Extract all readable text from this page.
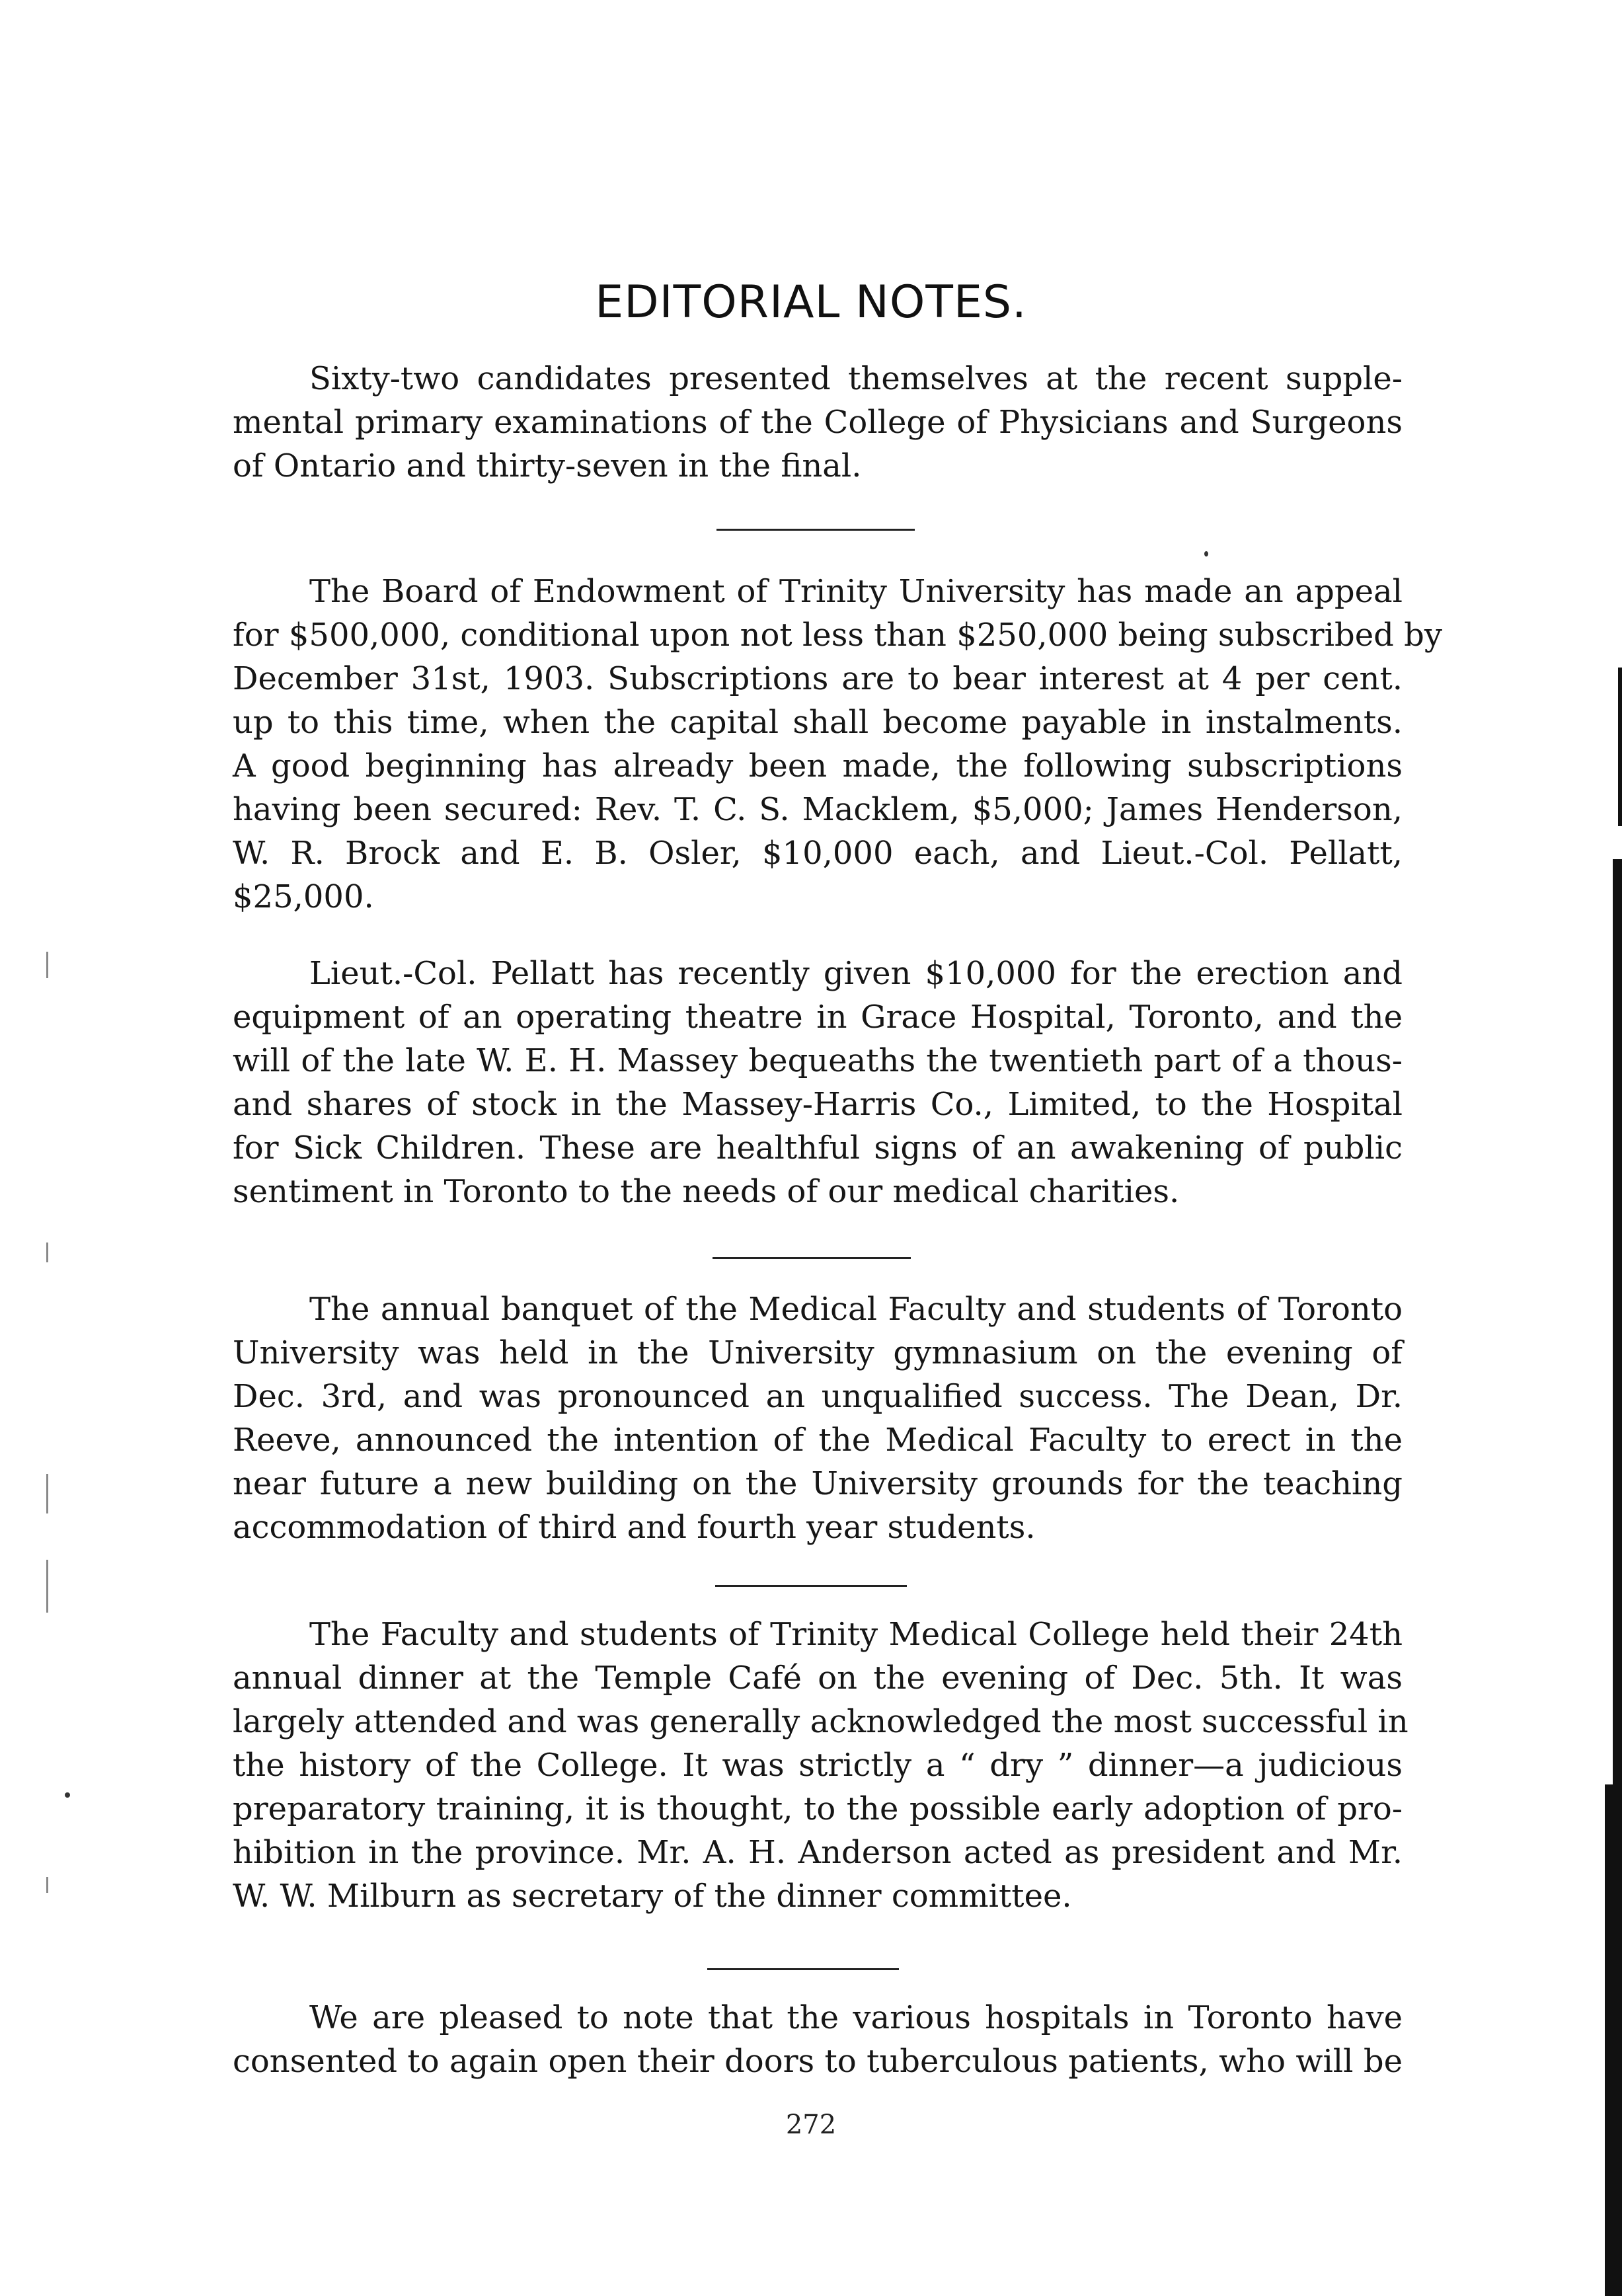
EDITORIAL NOTES.
Sixty-two candidates presented themselves at the recent supple-
mental primary examinations of the College of Physicians and Surgeons
of Ontario and thirty-seven in the final.
The Board of Endowment of Trinity University has made an appeal
for $500,000, conditional upon not less than $250,000 being subscribed by
December 31st, 1903. Subscriptions are to bear interest at 4 per cent.
up to this time, when the capital shall become payable in instalments.
A good beginning has already been made, the following subscriptions
having been secured: Rev. T. C. S. Macklem, $5,000; James Henderson,
W. R. Brock and E. B. Osler, $10,000 each, and Lieut.-Col. Pellatt,
$25,000.
Lieut.-Col. Pellatt has recently given $10,000 for the erection and
equipment of an operating theatre in Grace Hospital, Toronto, and the
will of the late W. E. H. Massey bequeaths the twentieth part of a thous-
and shares of stock in the Massey-Harris Co., Limited, to the Hospital
for Sick Children. These are healthful signs of an awakening of public
sentiment in Toronto to the needs of our medical charities.
The annual banquet of the Medical Faculty and students of Toronto
University was held in the University gymnasium on the evening of
Dec. 3rd, and was pronounced an unqualified success. The Dean, Dr.
Reeve, announced the intention of the Medical Faculty to erect in the
near future a new building on the University grounds for the teaching
accommodation of third and fourth year students.
The Faculty and students of Trinity Medical College held their 24th
annual dinner at the Temple Café on the evening of Dec. 5th. It was
largely attended and was generally acknowledged the most successful in
the history of the College. It was strictly a “ dry ” dinner—a judicious
preparatory training, it is thought, to the possible early adoption of pro-
hibition in the province. Mr. A. H. Anderson acted as president and Mr.
W. W. Milburn as secretary of the dinner committee.
We are pleased to note that the various hospitals in Toronto have
consented to again open their doors to tuberculous patients, who will be
272
